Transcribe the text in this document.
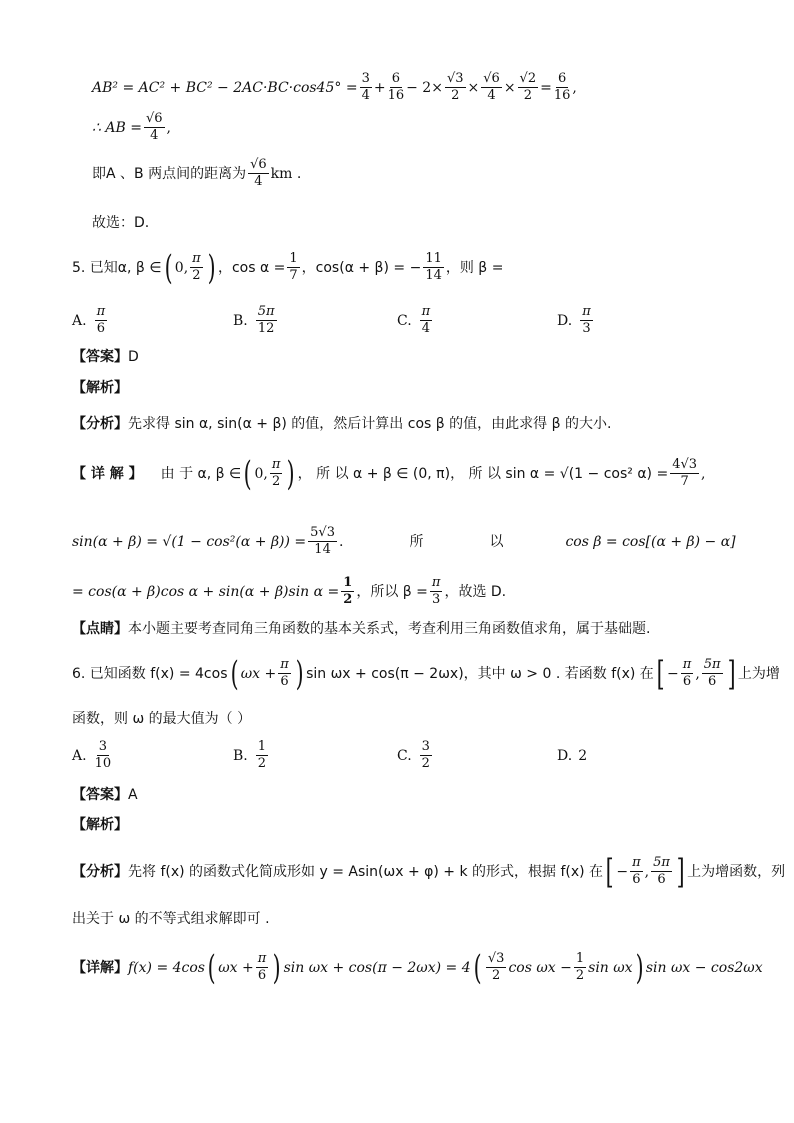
$AB^2 = AC^2 + BC^2 - 2AC\cdot BC\cdot\cos 45^\circ = \frac{3}{4} + \frac{6}{16} - 2\times \frac{√3}{2} \times \frac{√6}{4} \times \frac{√2}{2} = \frac{6}{16}$ ,
∴ AB = $\frac{√6}{4}$ ,
即A 、B 两点间的距离为 $\frac{√6}{4}$ km .
故选：D.
5. 已知α, β ∈ ( 0, $\frac{\pi}{2}$ ) ，$\cos \alpha = \frac{1}{7}$ ，cos(α + β) = − $\frac{11}{14}$ ，则 β =
A. $\frac{\pi}{6}$	B. $\frac{5\pi}{12}$	C. $\frac{\pi}{4}$	D. $\frac{\pi}{3}$
【答案】 D
【解析】
【分析】 先求得 sin α, sin(α + β) 的值，然后计算出 cos β 的值，由此求得 β 的大小.
【 详 解 】 由 于 α, β ∈ ( 0, $\frac{\pi}{2}$ ) ， 所 以 α + β ∈ (0, π)， 所 以 sin α = √(1 − cos² $\alpha) = \frac{4√3}{7}$ ,
$\sin(\alpha + \beta) = √(1 - \cos^2(\alpha + \beta)) = \frac{5√3}{14}$ .	所	以	cos β = cos[(α + β) − α]
= cos(α + β)cos α + sin(α + β)sin $\alpha = \frac{1}{2}$ ，所以 $\beta = \frac{\pi}{3}$ ，故选 D.
【点睛】 本小题主要考查同角三角函数的基本关系式，考查利用三角函数值求角，属于基础题.
6. 已知函数 f(x) = 4cos ( $\omega x + \frac{\pi}{6}$ ) sin ωx + cos(π − 2ωx)，其中 ω > 0 . 若函数 f(x) 在 [ − $\frac{\pi}{6}$ , $\frac{5\pi}{6}$ ] 上为增
函数，则 ω 的最大值为（ ）
A. $\frac{3}{10}$	B. $\frac{1}{2}$	C. $\frac{3}{2}$	D. 2
【答案】 A
【解析】
【分析】 先将 f(x) 的函数式化简成形如 y = Asin(ωx + φ) + k 的形式，根据 f(x) 在 [ − $\frac{\pi}{6}$ , $\frac{5\pi}{6}$ ] 上为增函数，列
出关于 ω 的不等式组求解即可 .
【详解】 f(x) = 4cos ( $\omega x + \frac{\pi}{6}$ ) sin ωx + cos(π − 2ωx) = 4 ( $\frac{√3}{2}$ $\cos \omega x - \frac{1}{2}$ sin ωx ) sin ωx − cos2ωx
